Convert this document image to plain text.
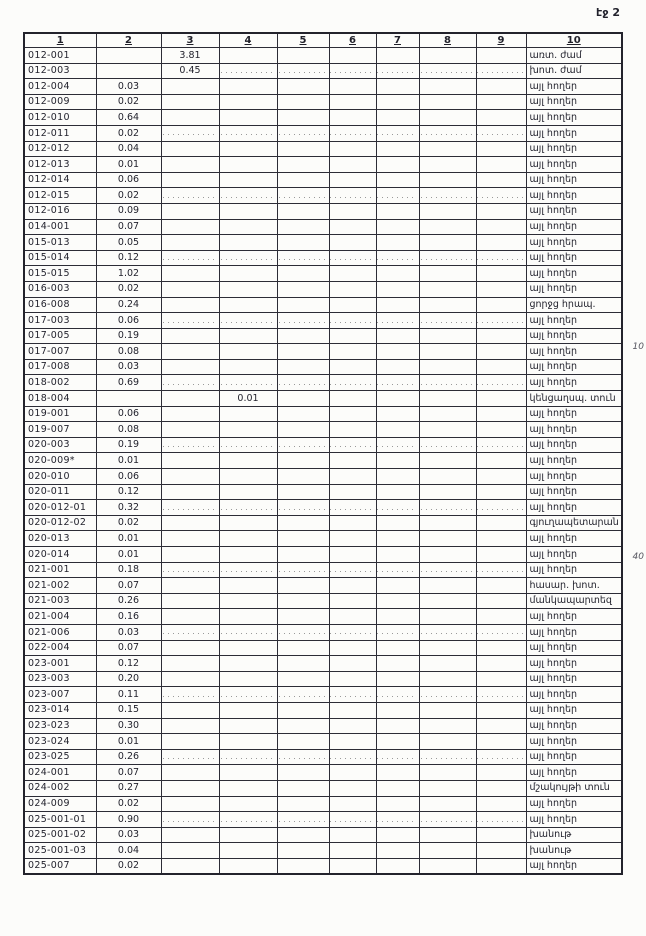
էջ 2
1	2	3	4	5	6	7	8	9	10
012-001		3.81							առտ. ժամ
012-003		0.45							խոտ. ժամ
012-004	0.03								այլ հողեր
012-009	0.02								այլ հողեր
012-010	0.64								այլ հողեր
012-011	0.02								այլ հողեր
012-012	0.04								այլ հողեր
012-013	0.01								այլ հողեր
012-014	0.06								այլ հողեր
012-015	0.02								այլ հողեր
012-016	0.09								այլ հողեր
014-001	0.07								այլ հողեր
015-013	0.05								այլ հողեր
015-014	0.12								այլ հողեր
015-015	1.02								այլ հողեր
016-003	0.02								այլ հողեր
016-008	0.24								ցորջց հրապ.
017-003	0.06								այլ հողեր
017-005	0.19								այլ հողեր
017-007	0.08								այլ հողեր
017-008	0.03								այլ հողեր
018-002	0.69								այլ հողեր
018-004			0.01						կենցաղսպ. տուն
019-001	0.06								այլ հողեր
019-007	0.08								այլ հողեր
020-003	0.19								այլ հողեր
020-009*	0.01								այլ հողեր
020-010	0.06								այլ հողեր
020-011	0.12								այլ հողեր
020-012-01	0.32								այլ հողեր
020-012-02	0.02								գյուղապետարան
020-013	0.01								այլ հողեր
020-014	0.01								այլ հողեր
021-001	0.18								այլ հողեր
021-002	0.07								հասար. խոտ.
021-003	0.26								մանկապարտեզ
021-004	0.16								այլ հողեր
021-006	0.03								այլ հողեր
022-004	0.07								այլ հողեր
023-001	0.12								այլ հողեր
023-003	0.20								այլ հողեր
023-007	0.11								այլ հողեր
023-014	0.15								այլ հողեր
023-023	0.30								այլ հողեր
023-024	0.01								այլ հողեր
023-025	0.26								այլ հողեր
024-001	0.07								այլ հողեր
024-002	0.27								մշակույթի տուն
024-009	0.02								այլ հողեր
025-001-01	0.90								այլ հողեր
025-001-02	0.03								խանութ
025-001-03	0.04								խանութ
025-007	0.02								այլ հողեր
10
40
